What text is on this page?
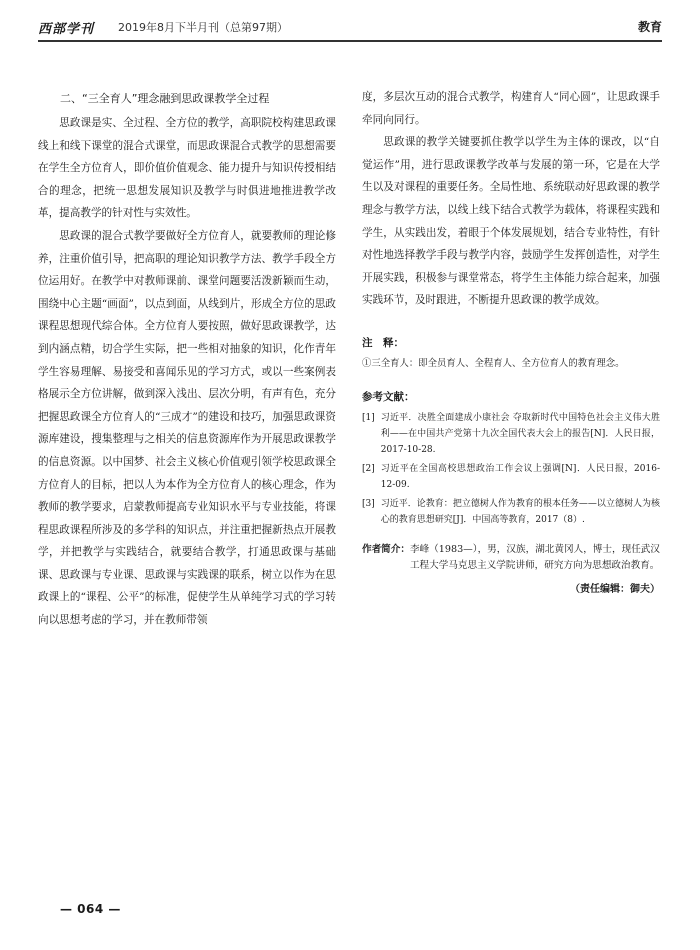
西部学刊 2019年8月下半月刊（总第97期）	教育
二、“三全育人”理念融到思政课教学全过程

思政课是实、全过程、全方位的教学，高职院校构建思政课线上和线下课堂的混合式课堂，而思政课混合式教学的思想需要在学生全方位育人，即价值价值观念、能力提升与知识传授相结合的理念，把统一思想发展知识及教学与时俱进地推进教学改革，提高教学的针对性与实效性。

思政课的混合式教学要做好全方位育人，就要教师的理论修养，注重价值引导，把高职的理论知识教学方法、教学手段全方位运用好。在教学中对教师课前、课堂问题要活泼新颖而生动，围绕中心主题“画面”，以点到面，从线到片，形成全方位的思政课程思想现代综合体。全方位育人要按照，做好思政课教学，达到内涵点精，切合学生实际，把一些相对抽象的知识，化作青年学生容易理解、易接受和喜闻乐见的学习方式，或以一些案例表格展示全方位讲解，做到深入浅出、层次分明，有声有色，充分把握思政课全方位育人的“三成才”的建设和技巧，加强思政课资源库建设，搜集整理与之相关的信息资源库作为开展思政课教学的信息资源。以中国梦、社会主义核心价值观引领学校思政课全方位育人的目标，把以人为本作为全方位育人的核心理念，作为教师的教学要求，启蒙教师提高专业知识水平与专业技能，将课程思政课程所涉及的多学科的知识点，并注重把握新热点开展教学，并把教学与实践结合，就要结合教学，打通思政课与基础课、思政课与专业课、思政课与实践课的联系，树立以作为在思政课上的“课程、公平”的标准，促使学生从单纯学习式的学习转向以思想考虑的学习，并在教师带领

度，多层次互动的混合式教学，构建育人“同心圆”，让思政课手牵同向同行。

思政课的教学关键要抓住教学以学生为主体的课改，以“自觉运作”用，进行思政课教学改革与发展的第一环，它是在大学生以及对课程的重要任务。全局性地、系统联动好思政课的教学理念与教学方法，以线上线下结合式教学为载体，将课程实践和学生，从实践出发，着眼于个体发展规划，结合专业特性，有针对性地选择教学手段与教学内容，鼓励学生发挥创造性，对学生开展实践，积极参与课堂常态，将学生主体能力综合起来，加强实践环节，及时跟进，不断提升思政课的教学成效。

注　释：

①三全育人：即全员育人、全程育人、全方位育人的教育理念。

参考文献：
[1] 习近平．决胜全面建成小康社会 夺取新时代中国特色社会主义伟大胜利——在中国共产党第十九次全国代表大会上的报告[N]．人民日报，2017-10-28.
[2] 习近平在全国高校思想政治工作会议上强调[N]．人民日报，2016-12-09.
[3] 习近平．论教育：把立德树人作为教育的根本任务——以立德树人为核心的教育思想研究[J]．中国高等教育，2017（8）.
作者简介： 李峰（1983—），男，汉族，湖北黄冈人，博士，现任武汉工程大学马克思主义学院讲师，研究方向为思想政治教育。
（责任编辑：御夫）
— 064 —
